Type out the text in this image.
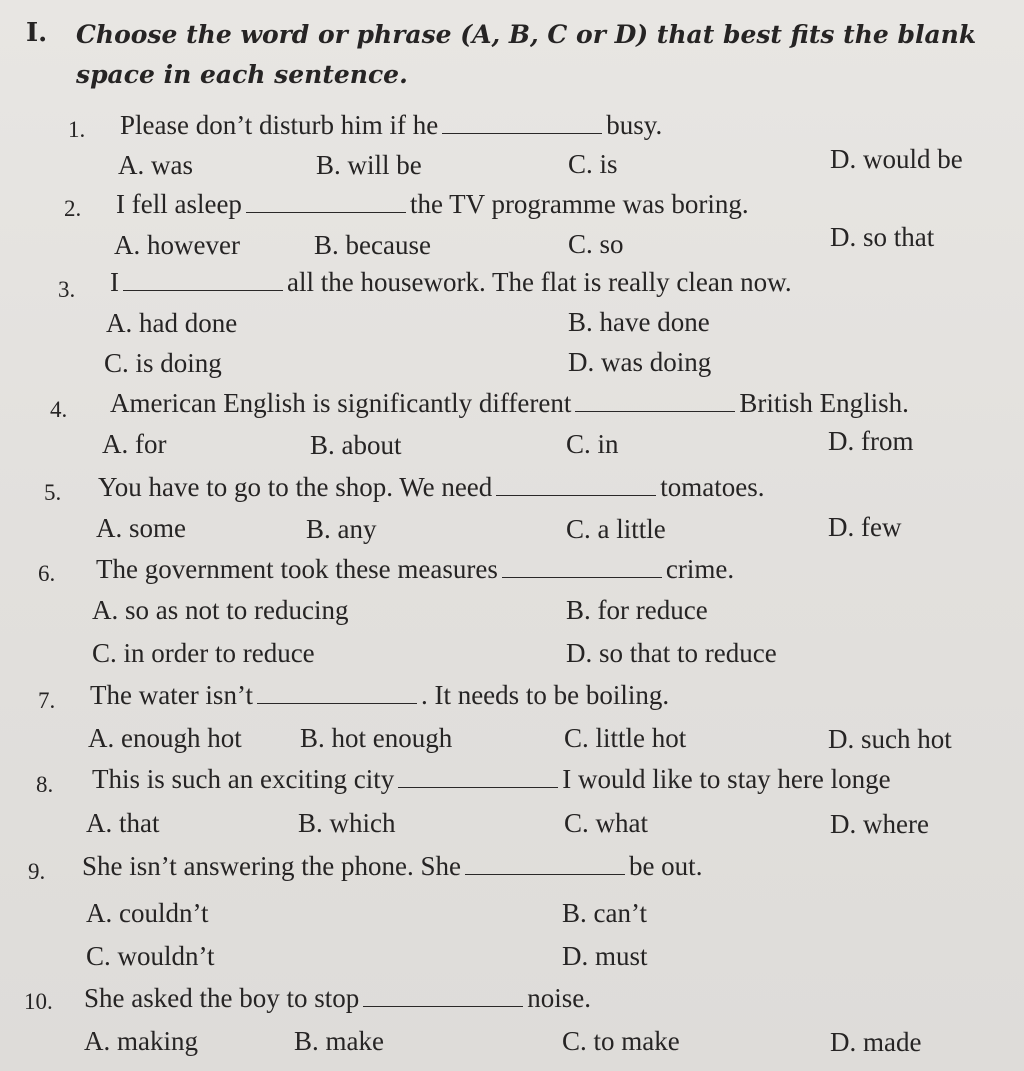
I. Choose the word or phrase (A, B, C or D) that best fits the blank
space in each sentence.
1. Please don’t disturb him if he	busy.
A. was	B. will be	C. is	D. would be
2. I fell asleep	the TV programme was boring.
A. however	B. because	C. so	D. so that
3. I	all the housework. The flat is really clean now.
A. had done	B. have done
C. is doing	D. was doing
4. American English is significantly different	British English.
A. for	B. about	C. in	D. from
5. You have to go to the shop. We need	tomatoes.
A. some	B. any	C. a little	D. few
6. The government took these measures	crime.
A. so as not to reducing	B. for reduce
C. in order to reduce	D. so that to reduce
7. The water isn’t	. It needs to be boiling.
A. enough hot B. hot enough	C. little hot	D. such hot
8. This is such an exciting city	I would like to stay here longe
A. that	B. which	C. what	D. where
9. She isn’t answering the phone. She	be out.
A. couldn’t	B. can’t
C. wouldn’t	D. must
10. She asked the boy to stop	noise.
A. making	B. make	C. to make	D. made
